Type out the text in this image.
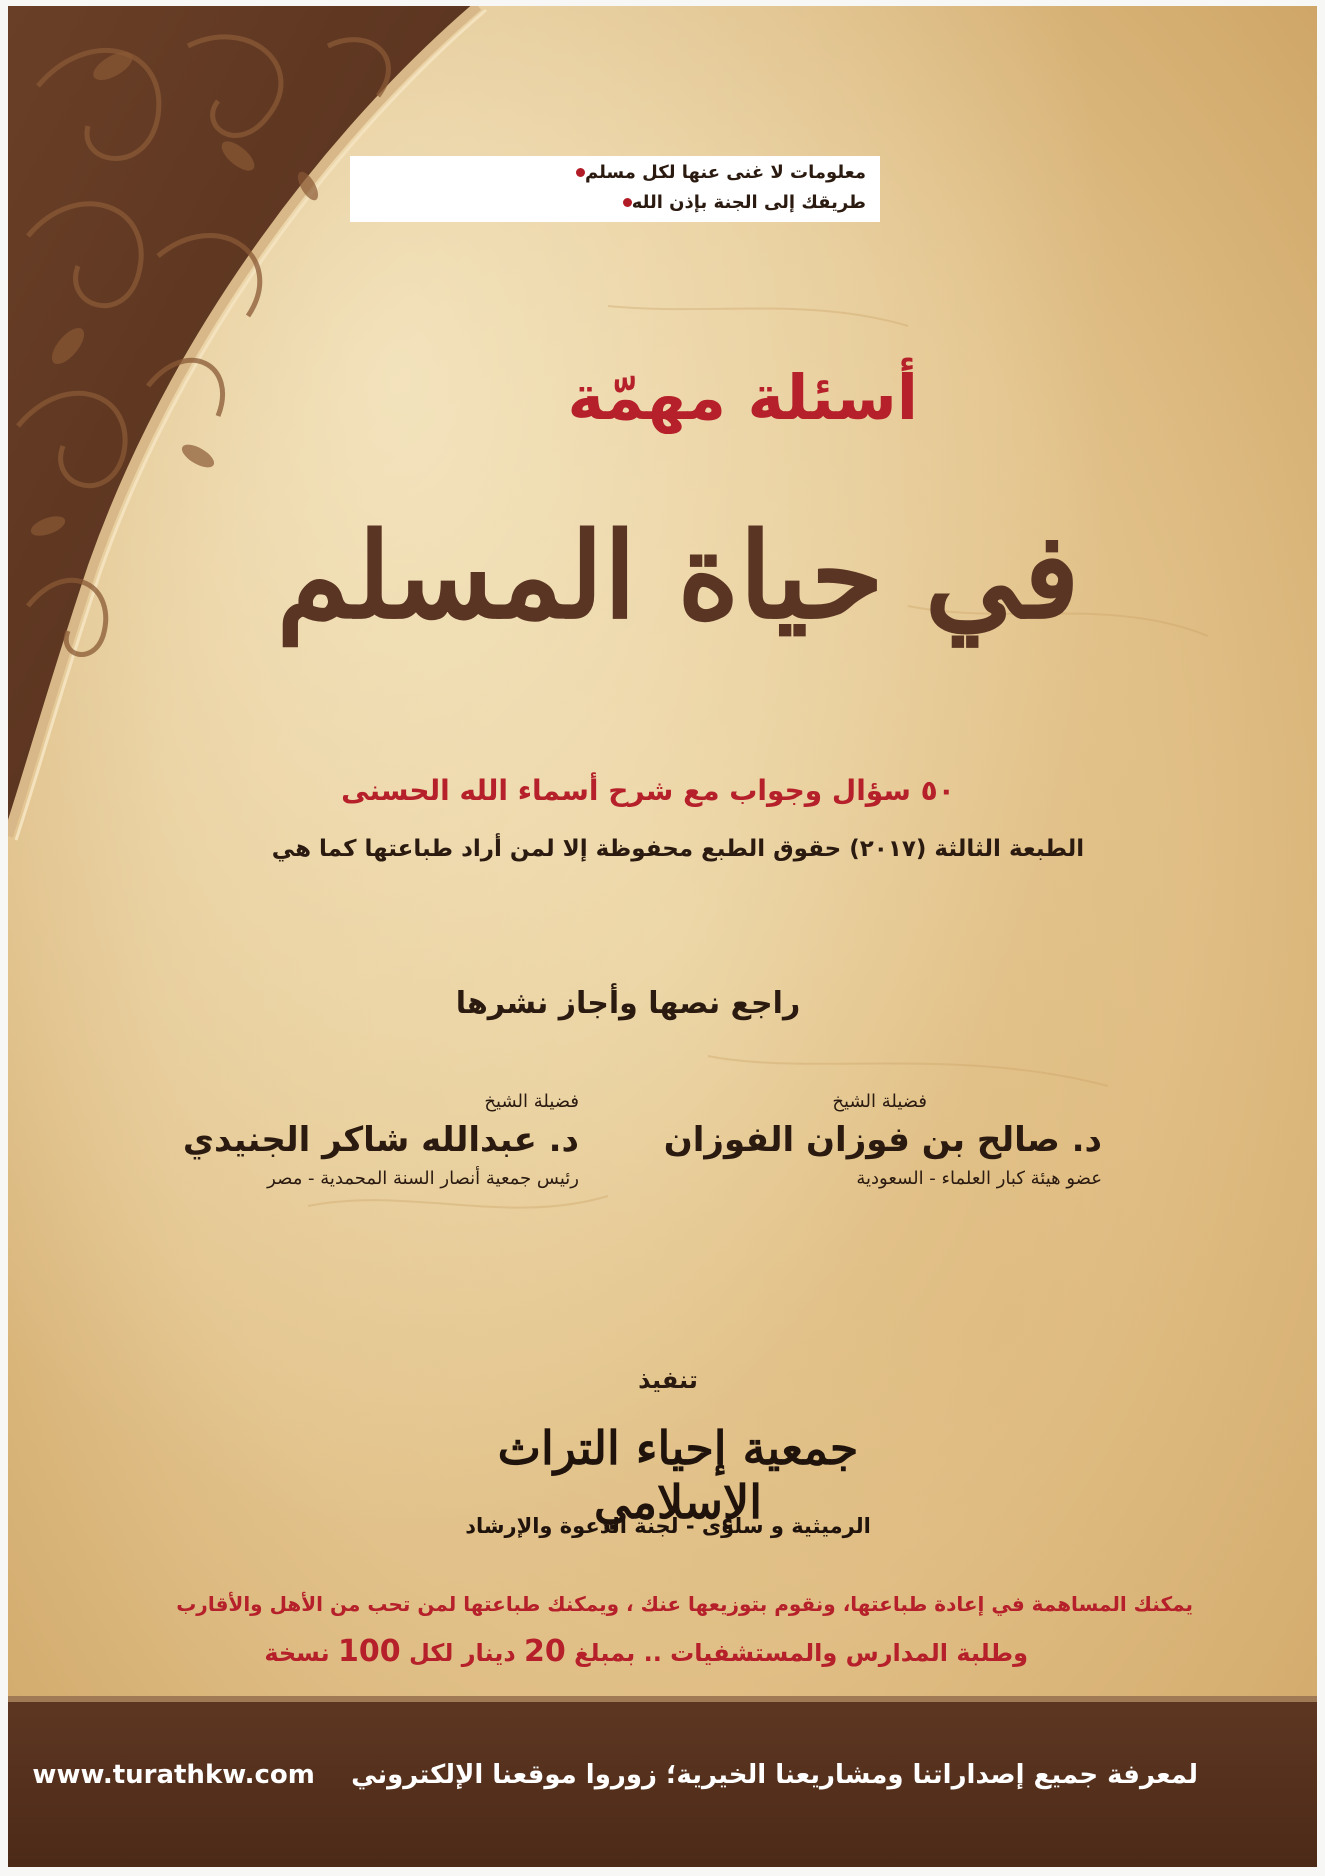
معلومات لا غنى عنها لكل مسلم
طريقك إلى الجنة بإذن الله
أسئلة مهمّة
في حياة المسلم
٥٠ سؤال وجواب مع شرح أسماء الله الحسنى
الطبعة الثالثة (٢٠١٧) حقوق الطبع محفوظة إلا لمن أراد طباعتها كما هي
راجع نصها وأجاز نشرها
فضيلة الشيخ
د. صالح بن فوزان الفوزان
عضو هيئة كبار العلماء - السعودية
فضيلة الشيخ
د. عبدالله شاكر الجنيدي
رئيس جمعية أنصار السنة المحمدية - مصر
تنفيذ
جمعية إحياء التراث الإسلامي
الرميثية و سلوى - لجنة الدعوة والإرشاد
يمكنك المساهمة في إعادة طباعتها، ونقوم بتوزيعها عنك ، ويمكنك طباعتها لمن تحب من الأهل والأقارب
وطلبة المدارس والمستشفيات .. بمبلغ 20 دينار لكل 100 نسخة
لمعرفة جميع إصداراتنا ومشاريعنا الخيرية؛ زوروا موقعنا الإلكتروني    www.turathkw.com
